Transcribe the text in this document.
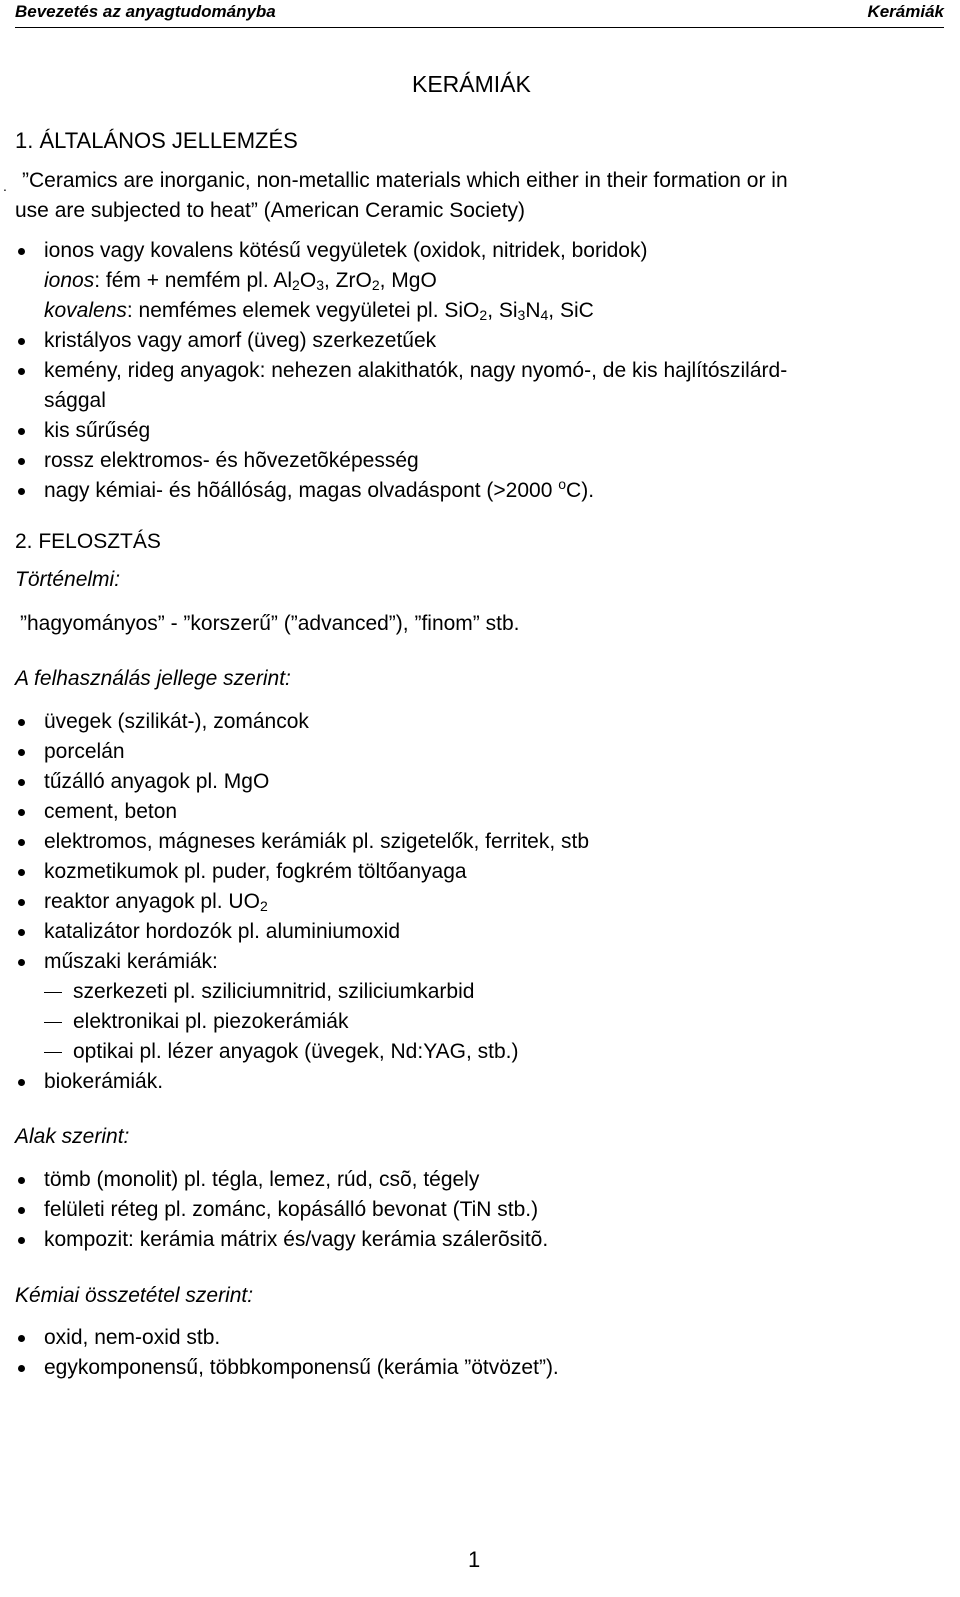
Bevezetés az anyagtudományba	Kerámiák
KERÁMIÁK
1. ÁLTALÁNOS JELLEMZÉS
. ”Ceramics are inorganic, non-metallic materials which either in their formation or in
use are subjected to heat” (American Ceramic Society)
ionos vagy kovalens kötésű vegyületek (oxidok, nitridek, boridok)
ionos: fém + nemfém pl. $Al_2O_3$, ZrO$_2$, MgO
kovalens: nemfémes elemek vegyületei pl. SiO$_2$, $Si_3N_4$, SiC
kristályos vagy amorf (üveg) szerkezetűek
kemény, rideg anyagok: nehezen alakithatók, nagy nyomó-, de kis hajlítószilárd-
sággal
kis sűrűség
rossz elektromos- és hõvezetõképesség
nagy kémiai- és hõállóság, magas olvadáspont (>2000 $^o$C).
2. FELOSZTÁS
Történelmi:
”hagyományos” - ”korszerű” (”advanced”), ”finom” stb.
A felhasználás jellege szerint:
üvegek (szilikát-), zománcok
porcelán
tűzálló anyagok pl. MgO
cement, beton
elektromos, mágneses kerámiák pl. szigetelők, ferritek, stb
kozmetikumok pl. puder, fogkrém töltőanyaga
reaktor anyagok pl. $UO_2$
katalizátor hordozók pl. aluminiumoxid
műszaki kerámiák:
szerkezeti pl. sziliciumnitrid, sziliciumkarbid
elektronikai pl. piezokerámiák
optikai pl. lézer anyagok (üvegek, Nd:YAG, stb.)
biokerámiák.
Alak szerint:
tömb (monolit) pl. tégla, lemez, rúd, csõ, tégely
felületi réteg pl. zománc, kopásálló bevonat (TiN stb.)
kompozit: kerámia mátrix és/vagy kerámia szálerõsitõ.
Kémiai összetétel szerint:
oxid, nem-oxid stb.
egykomponensű, többkomponensű (kerámia ”ötvözet”).
1
